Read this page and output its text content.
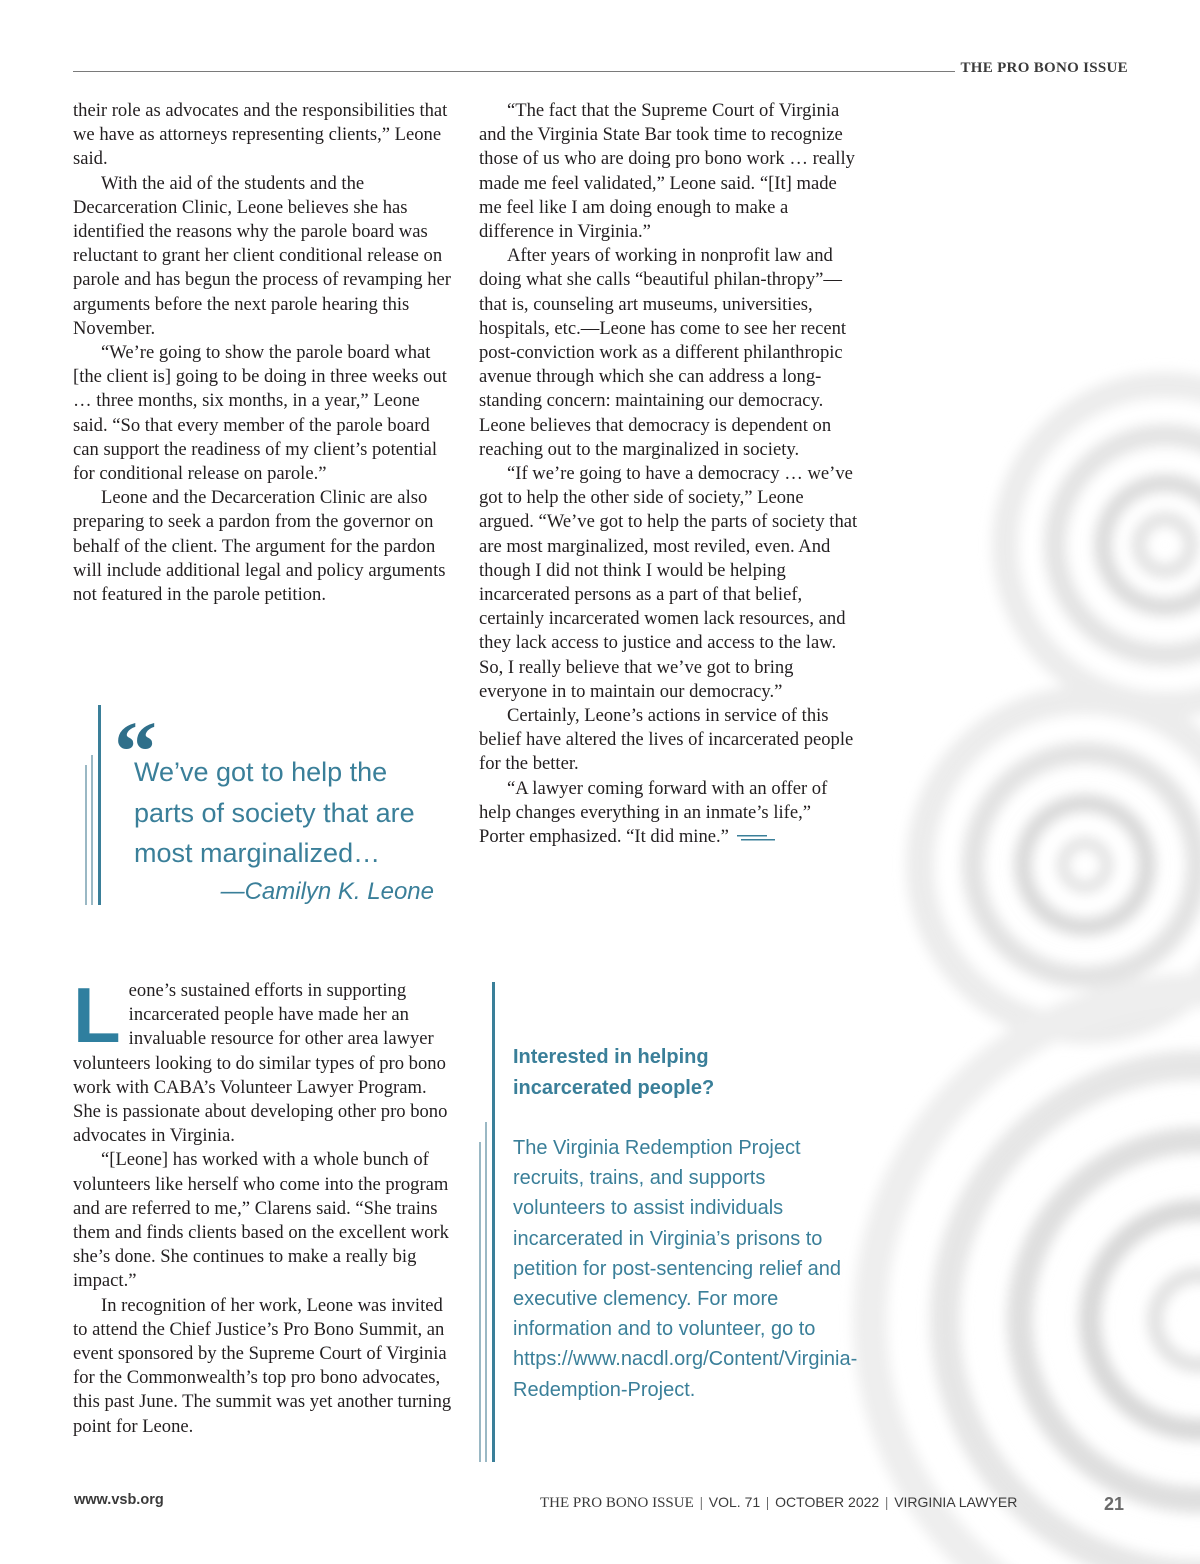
THE PRO BONO ISSUE

their role as advocates and the responsibilities that we have as attorneys representing clients,” Leone said.

With the aid of the students and the Decarceration Clinic, Leone believes she has identified the reasons why the parole board was reluctant to grant her client conditional release on parole and has begun the process of revamping her arguments before the next parole hearing this November.

“We’re going to show the parole board what [the client is] going to be doing in three weeks out … three months, six months, in a year,” Leone said. “So that every member of the parole board can support the readiness of my client’s potential for conditional release on parole.”

Leone and the Decarceration Clinic are also preparing to seek a pardon from the governor on behalf of the client. The argument for the pardon will include additional legal and policy arguments not featured in the parole petition.

“
We’ve got to help the parts of society that are most marginalized…
—Camilyn K. Leone

“The fact that the Supreme Court of Virginia and the Virginia State Bar took time to recognize those of us who are doing pro bono work … really made me feel validated,” Leone said. “[It] made me feel like I am doing enough to make a difference in Virginia.”

After years of working in nonprofit law and doing what she calls “beautiful philan-thropy”—that is, counseling art museums, universities, hospitals, etc.—Leone has come to see her recent post-conviction work as a different philanthropic avenue through which she can address a long-standing concern: maintaining our democracy. Leone believes that democracy is dependent on reaching out to the marginalized in society.

“If we’re going to have a democracy … we’ve got to help the other side of society,” Leone argued. “We’ve got to help the parts of society that are most marginalized, most reviled, even. And though I did not think I would be helping incarcerated persons as a part of that belief, certainly incarcerated women lack resources, and they lack access to justice and access to the law. So, I really believe that we’ve got to bring everyone in to maintain our democracy.”

Certainly, Leone’s actions in service of this belief have altered the lives of incarcerated people for the better.

“A lawyer coming forward with an offer of help changes everything in an inmate’s life,” Porter emphasized. “It did mine.”

Leone’s sustained efforts in supporting incarcerated people have made her an invaluable resource for other area lawyer volunteers looking to do similar types of pro bono work with CABA’s Volunteer Lawyer Program. She is passionate about developing other pro bono advocates in Virginia.

“[Leone] has worked with a whole bunch of volunteers like herself who come into the program and are referred to me,” Clarens said. “She trains them and finds clients based on the excellent work she’s done. She continues to make a really big impact.”

In recognition of her work, Leone was invited to attend the Chief Justice’s Pro Bono Summit, an event sponsored by the Supreme Court of Virginia for the Commonwealth’s top pro bono advocates, this past June. The summit was yet another turning point for Leone.

Interested in helping incarcerated people?
The Virginia Redemption Project recruits, trains, and supports volunteers to assist individuals incarcerated in Virginia’s prisons to petition for post-sentencing relief and executive clemency. For more information and to volunteer, go to https://www.nacdl.org/Content/Virginia-Redemption-Project.
www.vsb.org	THE PRO BONO ISSUE | VOL. 71 | OCTOBER 2022 | VIRGINIA LAWYER	21
